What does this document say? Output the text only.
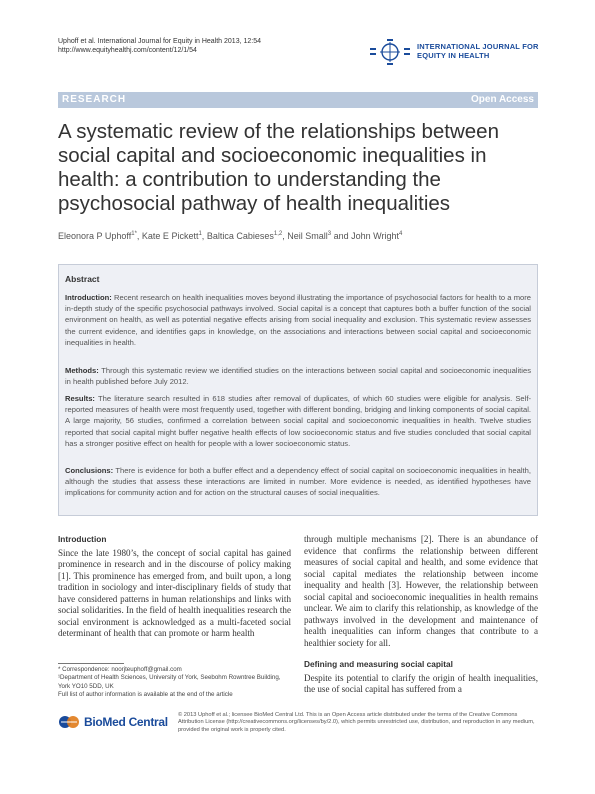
Uphoff et al. International Journal for Equity in Health 2013, 12:54
http://www.equityhealthj.com/content/12/1/54	INTERNATIONAL JOURNAL FOR
EQUITY IN HEALTH
RESEARCH	Open Access
A systematic review of the relationships between
social capital and socioeconomic inequalities in
health: a contribution to understanding the
psychosocial pathway of health inequalities
Eleonora P Uphoff$^{1*}$, Kate E Pickett$^1$, Baltica Cabieses$^{1,2}$, Neil Small$^3$ and John Wright$^4$
Abstract
Introduction: Recent research on health inequalities moves beyond illustrating the importance of psychosocial factors for health to a more in-depth study of the specific psychosocial pathways involved. Social capital is a concept that captures both a buffer function of the social environment on health, as well as potential negative effects arising from social inequality and exclusion. This systematic review assesses the current evidence, and identifies gaps in knowledge, on the associations and interactions between social capital and socioeconomic inequalities in health.
Methods: Through this systematic review we identified studies on the interactions between social capital and socioeconomic inequalities in health published before July 2012.
Results: The literature search resulted in 618 studies after removal of duplicates, of which 60 studies were eligible for analysis. Self-reported measures of health were most frequently used, together with different bonding, bridging and linking components of social capital. A large majority, 56 studies, confirmed a correlation between social capital and socioeconomic inequalities in health. Twelve studies reported that social capital might buffer negative health effects of low socioeconomic status and five studies concluded that social capital has a stronger positive effect on health for people with a lower socioeconomic status.
Conclusions: There is evidence for both a buffer effect and a dependency effect of social capital on socioeconomic inequalities in health, although the studies that assess these interactions are limited in number. More evidence is needed, as identified hypotheses have implications for community action and for action on the structural causes of social inequalities.
Introduction
Since the late 1980’s, the concept of social capital has gained prominence in research and in the discourse of policy making [1]. This prominence has emerged from, and built upon, a long tradition in sociology and inter-disciplinary fields of study that have considered patterns in human relationships and links with social solidarities. In the field of health inequalities research the social environment is acknowledged as a multi-faceted social determinant of health that can promote or harm health
through multiple mechanisms [2]. There is an abundance of evidence that confirms the relationship between different measures of social capital and health, and some evidence that social capital mediates the relationship between income inequality and health [3]. However, the relationship between social capital and socioeconomic inequalities in health remains unclear. We aim to clarify this relationship, as knowledge of the pathways involved in the development and maintenance of health inequalities can inform changes that contribute to a healthier society for all.
Defining and measuring social capital
Despite its potential to clarify the origin of health inequalities, the use of social capital has suffered from a
* Correspondence: noorjteuphoff@gmail.com
¹Department of Health Sciences, University of York, Seebohm Rowntree Building, York YO10 5DD, UK
Full list of author information is available at the end of the article
BioMed Central © 2013 Uphoff et al.; licensee BioMed Central Ltd. This is an Open Access article distributed under the terms of the Creative Commons Attribution License (http://creativecommons.org/licenses/by/2.0), which permits unrestricted use, distribution, and reproduction in any medium, provided the original work is properly cited.
